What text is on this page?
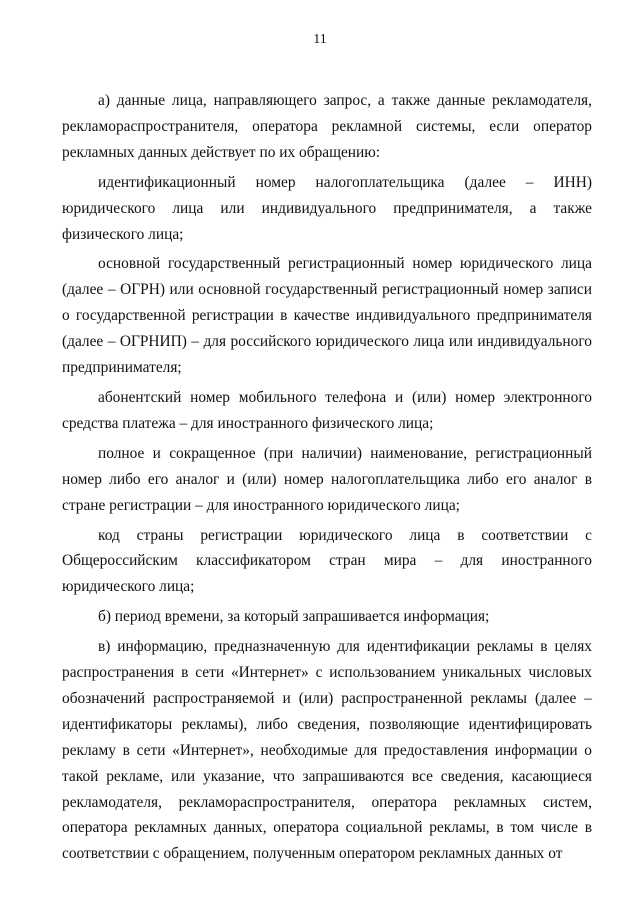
11

а) данные лица, направляющего запрос, а также данные рекламодателя, рекламораспространителя, оператора рекламной системы, если оператор рекламных данных действует по их обращению:

идентификационный номер налогоплательщика (далее – ИНН) юридического лица или индивидуального предпринимателя, а также физического лица;

основной государственный регистрационный номер юридического лица (далее – ОГРН) или основной государственный регистрационный номер записи о государственной регистрации в качестве индивидуального предпринимателя (далее – ОГРНИП) – для российского юридического лица или индивидуального предпринимателя;

абонентский номер мобильного телефона и (или) номер электронного средства платежа – для иностранного физического лица;

полное и сокращенное (при наличии) наименование, регистрационный номер либо его аналог и (или) номер налогоплательщика либо его аналог в стране регистрации – для иностранного юридического лица;

код страны регистрации юридического лица в соответствии с Общероссийским классификатором стран мира – для иностранного юридического лица;

б) период времени, за который запрашивается информация;

в) информацию, предназначенную для идентификации рекламы в целях распространения в сети «Интернет» с использованием уникальных числовых обозначений распространяемой и (или) распространенной рекламы (далее – идентификаторы рекламы), либо сведения, позволяющие идентифицировать рекламу в сети «Интернет», необходимые для предоставления информации о такой рекламе, или указание, что запрашиваются все сведения, касающиеся рекламодателя, рекламораспространителя, оператора рекламных систем, оператора рекламных данных, оператора социальной рекламы, в том числе в соответствии с обращением, полученным оператором рекламных данных от
